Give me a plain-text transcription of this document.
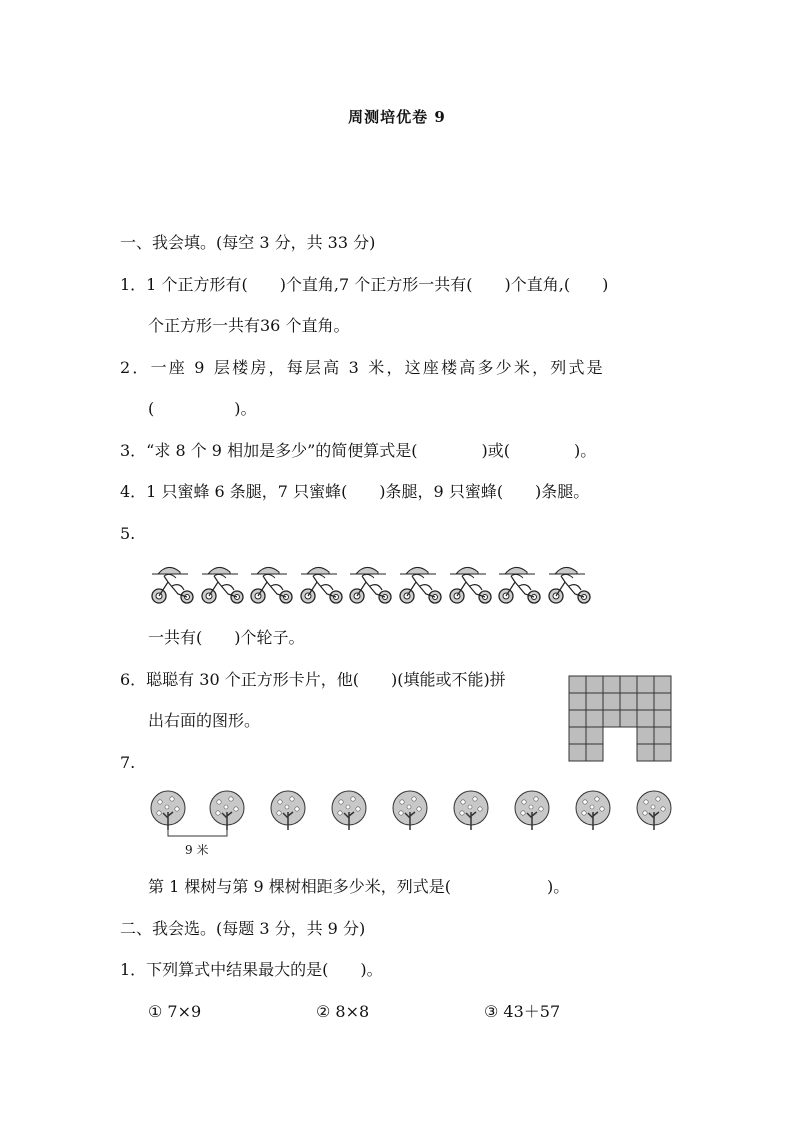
周测培优卷 9
一、我会填。(每空 3 分，共 33 分)
1．1 个正方形有(　　)个直角,7 个正方形一共有(　　)个直角,(　　)
个正方形一共有36 个直角。
2．一座 9 层楼房，每层高 3 米，这座楼高多少米，列式是
(　　　　　)。
3．“求 8 个 9 相加是多少”的简便算式是(　　　　)或(　　　　)。
4．1 只蜜蜂 6 条腿，7 只蜜蜂(　　)条腿，9 只蜜蜂(　　)条腿。
5.
一共有(　　)个轮子。
6．聪聪有 30 个正方形卡片，他(　　)(填能或不能)拼
出右面的图形。
7.
9 米
第 1 棵树与第 9 棵树相距多少米，列式是(　　　　　　)。
二、我会选。(每题 3 分，共 9 分)
1．下列算式中结果最大的是(　　)。
① 7×9	② 8×8	③ 43＋57
